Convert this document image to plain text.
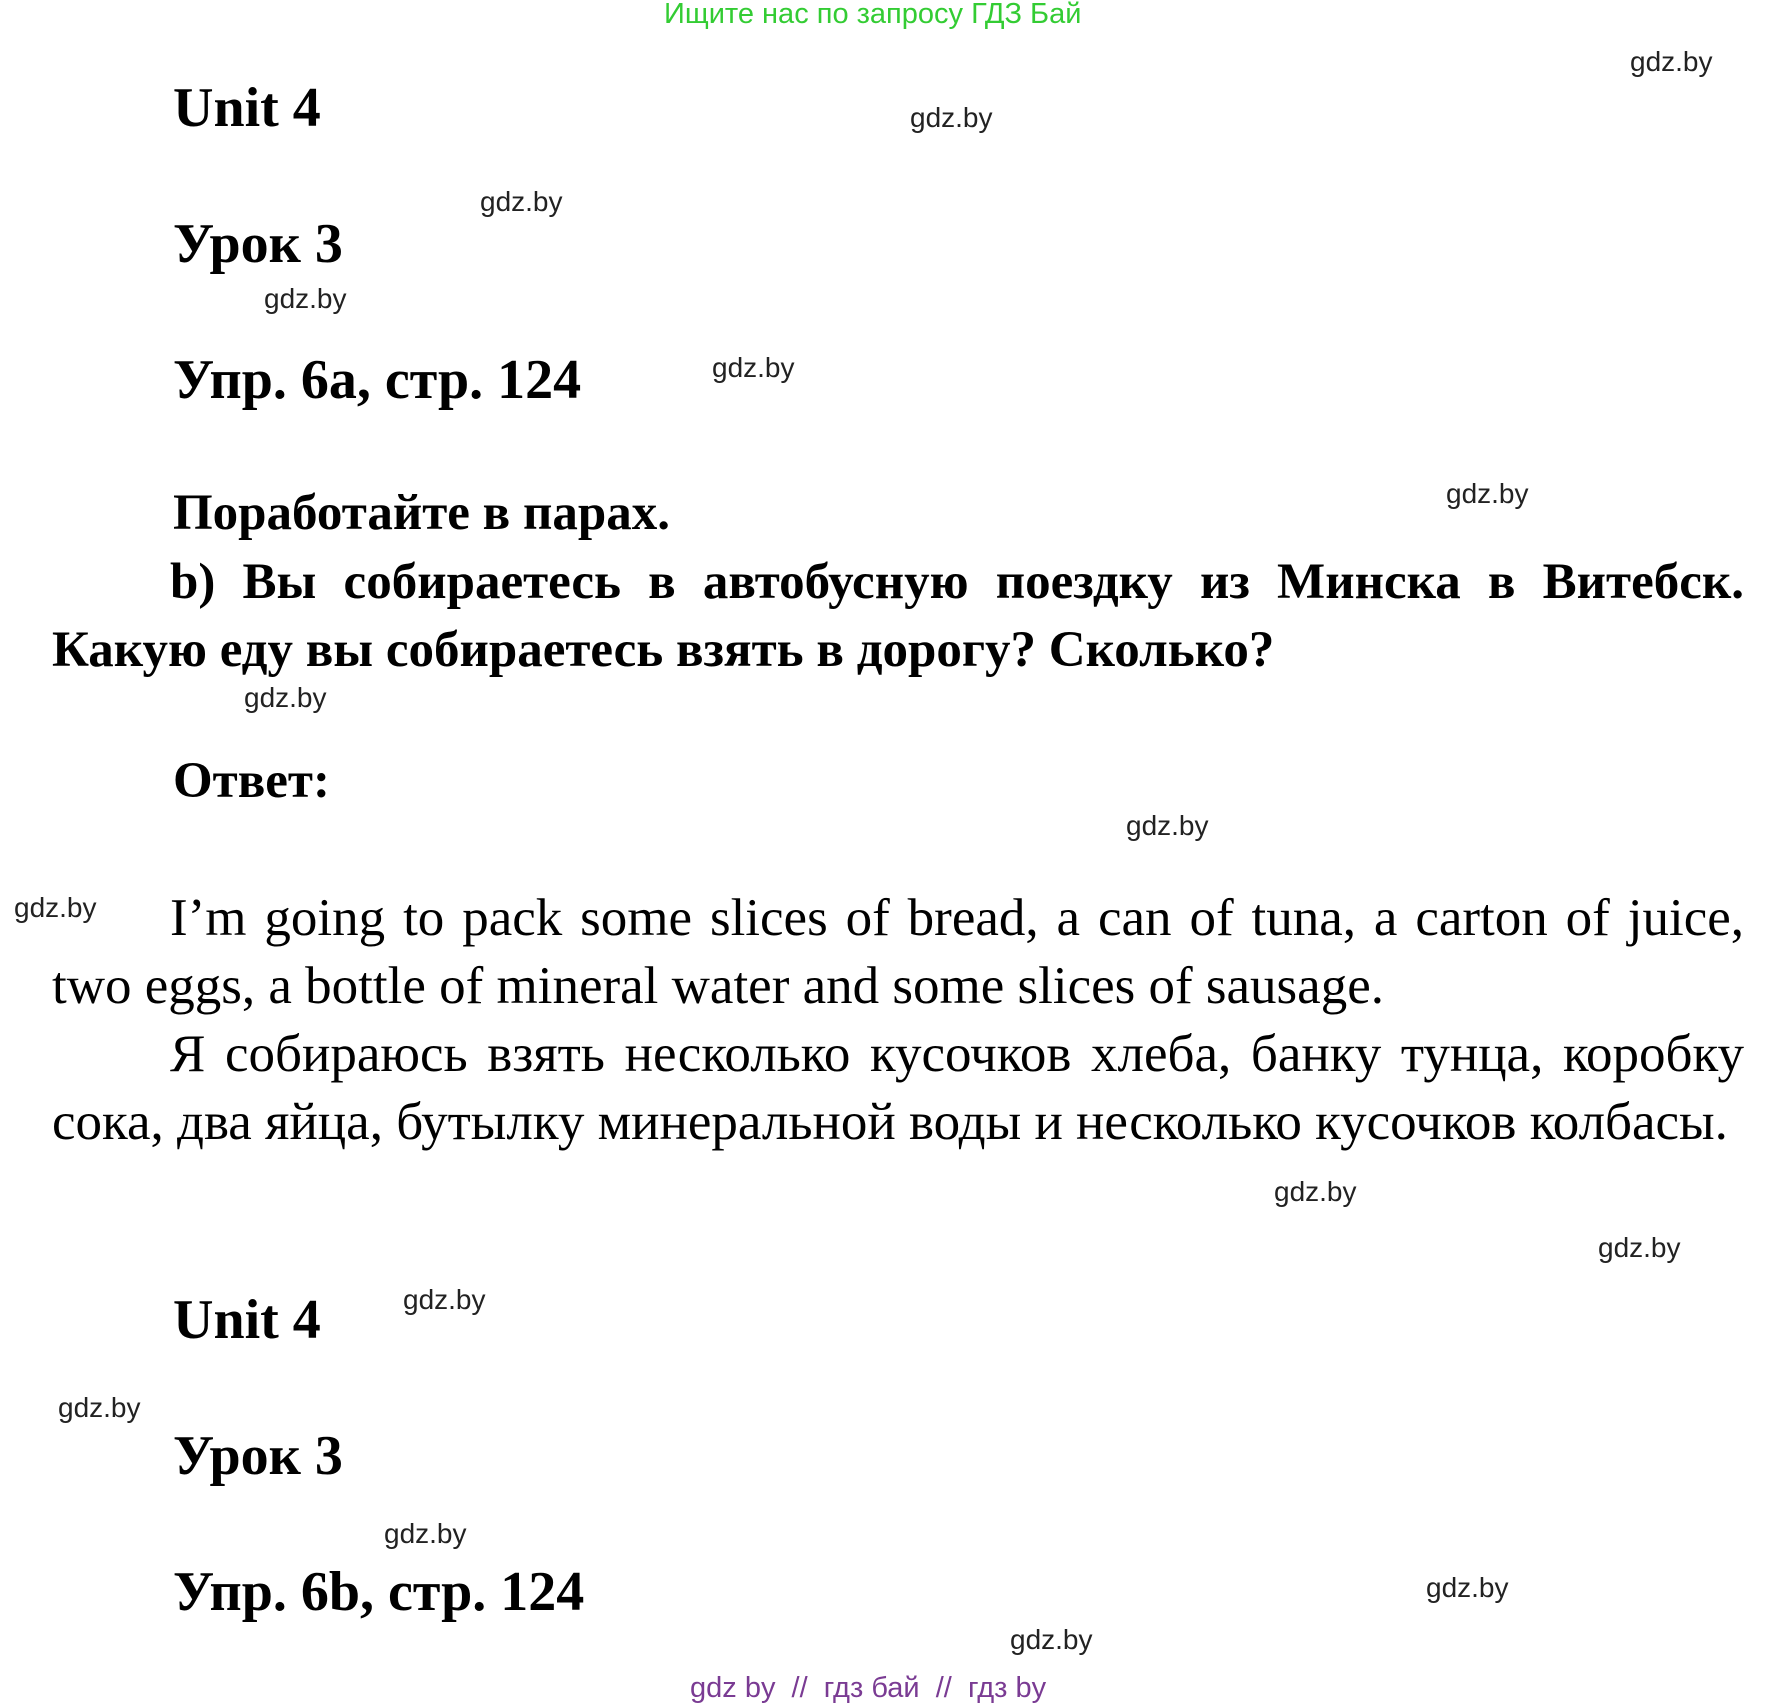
Ищите нас по запросу ГДЗ Бай
Unit 4
Урок 3
Упр. 6а, стр. 124
Поработайте в парах.
b) Вы собираетесь в автобусную поездку из Минска в Витебск. Какую еду вы собираетесь взять в дорогу? Сколько?
Ответ:
I’m going to pack some slices of bread, a can of tuna, a carton of juice, two eggs, a bottle of mineral water and some slices of sausage.
Я собираюсь взять несколько кусочков хлеба, банку тунца, коробку сока, два яйца, бутылку минеральной воды и несколько кусочков колбасы.
Unit 4
Урок 3
Упр. 6b, стр. 124
gdz.by
gdz.by
gdz.by
gdz.by
gdz.by
gdz.by
gdz.by
gdz.by
gdz.by
gdz.by
gdz.by
gdz.by
gdz.by
gdz.by
gdz.by
gdz.by
gdz by  //  гдз бай  //  гдз by
